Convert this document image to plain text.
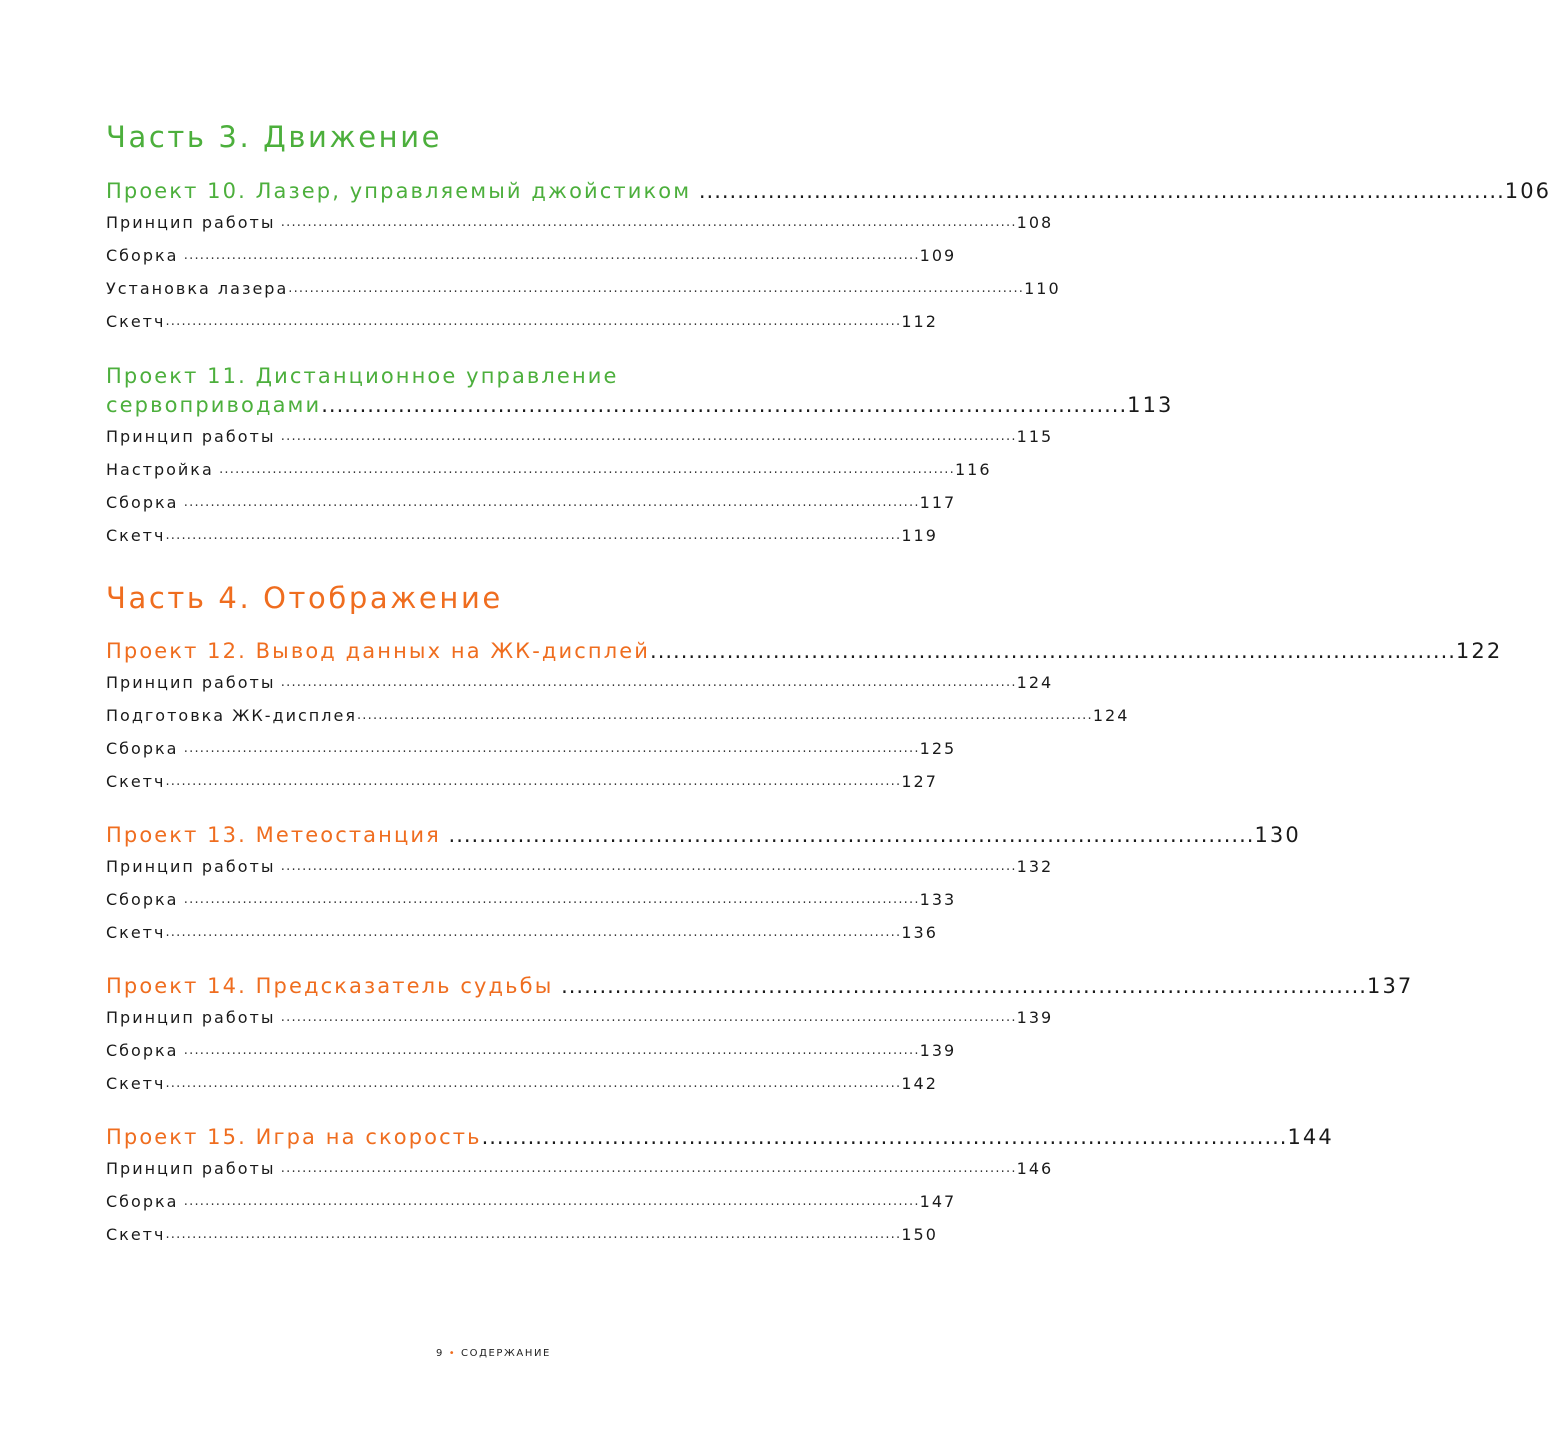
Часть 3. Движение
Проект 10. Лазер, управляемый джойстиком ......................................................................................................... 106
Принцип работы .......................................................................................................................................... 108
Сборка .......................................................................................................................................... 109
Установка лазера .......................................................................................................................................... 110
Скетч .......................................................................................................................................... 112
Проект 11. Дистанционное управление
сервоприводами ......................................................................................................... 113
Принцип работы .......................................................................................................................................... 115
Настройка .......................................................................................................................................... 116
Сборка .......................................................................................................................................... 117
Скетч .......................................................................................................................................... 119
Часть 4. Отображение
Проект 12. Вывод данных на ЖК-дисплей ......................................................................................................... 122
Принцип работы .......................................................................................................................................... 124
Подготовка ЖК-дисплея .......................................................................................................................................... 124
Сборка .......................................................................................................................................... 125
Скетч .......................................................................................................................................... 127
Проект 13. Метеостанция ......................................................................................................... 130
Принцип работы .......................................................................................................................................... 132
Сборка .......................................................................................................................................... 133
Скетч .......................................................................................................................................... 136
Проект 14. Предсказатель судьбы ......................................................................................................... 137
Принцип работы .......................................................................................................................................... 139
Сборка .......................................................................................................................................... 139
Скетч .......................................................................................................................................... 142
Проект 15. Игра на скорость ......................................................................................................... 144
Принцип работы .......................................................................................................................................... 146
Сборка .......................................................................................................................................... 147
Скетч .......................................................................................................................................... 150
9 • СОДЕРЖАНИЕ
